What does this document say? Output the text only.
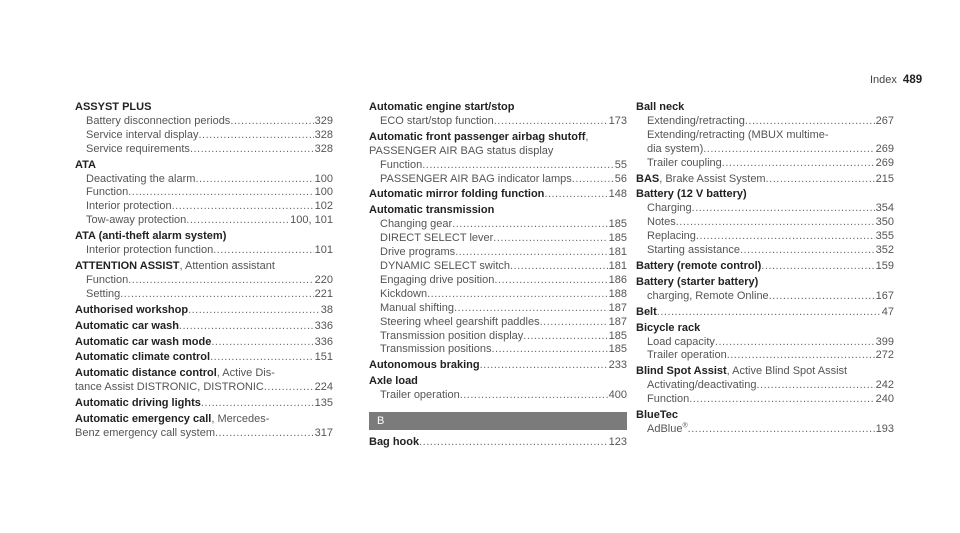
Index 489
ASSYST PLUS
Battery disconnection periods .....	329
Service interval display .....	328
Service requirements .....	328
ATA
Deactivating the alarm .....	100
Function .....	100
Interior protection .....	102
Tow-away protection .....	100, 101
ATA (anti-theft alarm system)
Interior protection function .....	101
ATTENTION ASSIST, Attention assistant
Function .....	220
Setting .....	221
Authorised workshop .....	38
Automatic car wash .....	336
Automatic car wash mode .....	336
Automatic climate control .....	151
Automatic distance control, Active Dis-
tance Assist DISTRONIC, DISTRONIC .....	224
Automatic driving lights .....	135
Automatic emergency call, Mercedes-
Benz emergency call system .....	317
Automatic engine start/stop
ECO start/stop function .....	173
Automatic front passenger airbag shutoff,
PASSENGER AIR BAG status display
Function .....	55
PASSENGER AIR BAG indicator lamps .....	56
Automatic mirror folding function .....	148
Automatic transmission
Changing gear .....	185
DIRECT SELECT lever .....	185
Drive programs .....	181
DYNAMIC SELECT switch .....	181
Engaging drive position .....	186
Kickdown .....	188
Manual shifting .....	187
Steering wheel gearshift paddles .....	187
Transmission position display .....	185
Transmission positions .....	185
Autonomous braking .....	233
Axle load
Trailer operation .....	400
B
Bag hook .....	123
Ball neck
Extending/retracting .....	267
Extending/retracting (MBUX multime-
dia system) .....	269
Trailer coupling .....	269
BAS, Brake Assist System .....	215
Battery (12 V battery)
Charging .....	354
Notes .....	350
Replacing .....	355
Starting assistance .....	352
Battery (remote control) .....	159
Battery (starter battery)
charging, Remote Online .....	167
Belt .....	47
Bicycle rack
Load capacity .....	399
Trailer operation .....	272
Blind Spot Assist, Active Blind Spot Assist
Activating/deactivating .....	242
Function .....	240
BlueTec
AdBlue® .....	193
